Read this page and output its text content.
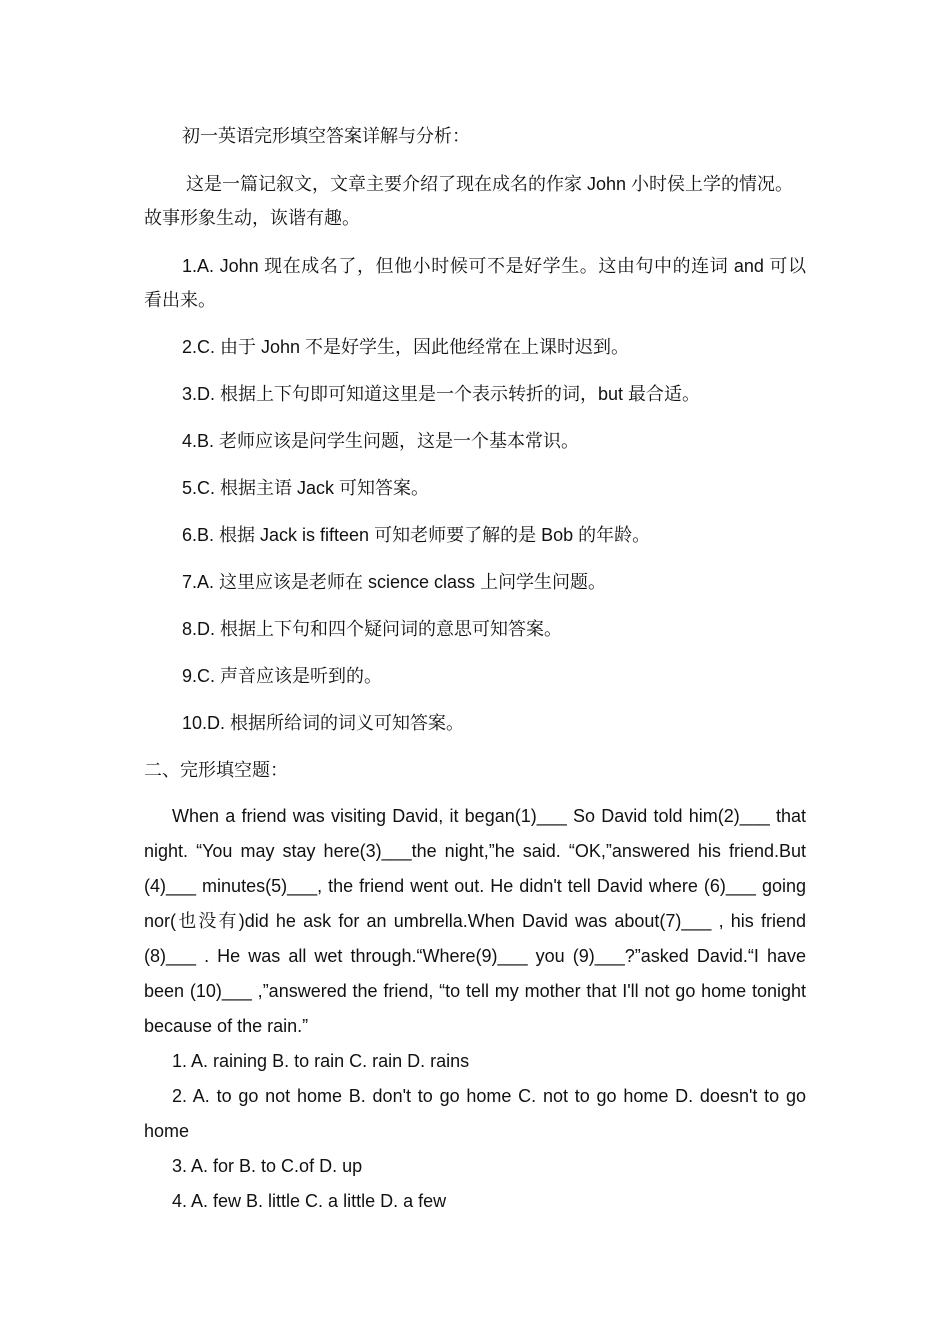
初一英语完形填空答案详解与分析：

这是一篇记叙文，文章主要介绍了现在成名的作家 John 小时侯上学的情况。故事形象生动，诙谐有趣。

1.A. John 现在成名了，但他小时候可不是好学生。这由句中的连词 and 可以看出来。

2.C. 由于 John 不是好学生，因此他经常在上课时迟到。

3.D. 根据上下句即可知道这里是一个表示转折的词，but 最合适。

4.B. 老师应该是问学生问题，这是一个基本常识。

5.C. 根据主语 Jack 可知答案。

6.B. 根据 Jack is fifteen 可知老师要了解的是 Bob 的年龄。

7.A. 这里应该是老师在 science class 上问学生问题。

8.D. 根据上下句和四个疑问词的意思可知答案。

9.C. 声音应该是听到的。

10.D. 根据所给词的词义可知答案。

二、完形填空题：

When a friend was visiting David, it began(1)___ So David told him(2)___ that night. “You may stay here(3)___the night,”he said. “OK,”answered his friend.But (4)___ minutes(5)___, the friend went out. He didn't tell David where (6)___ going nor(也没有)did he ask for an umbrella.When David was about(7)___ , his friend (8)___ . He was all wet through.“Where(9)___ you (9)___?”asked David.“I have been (10)___ ,”answered the friend, “to tell my mother that I'll not go home tonight because of the rain.”

1. A. raining B. to rain C. rain D. rains

2. A. to go not home B. don't to go home C. not to go home D. doesn't to go home

3. A. for B. to C.of D. up

4. A. few B. little C. a little D. a few
